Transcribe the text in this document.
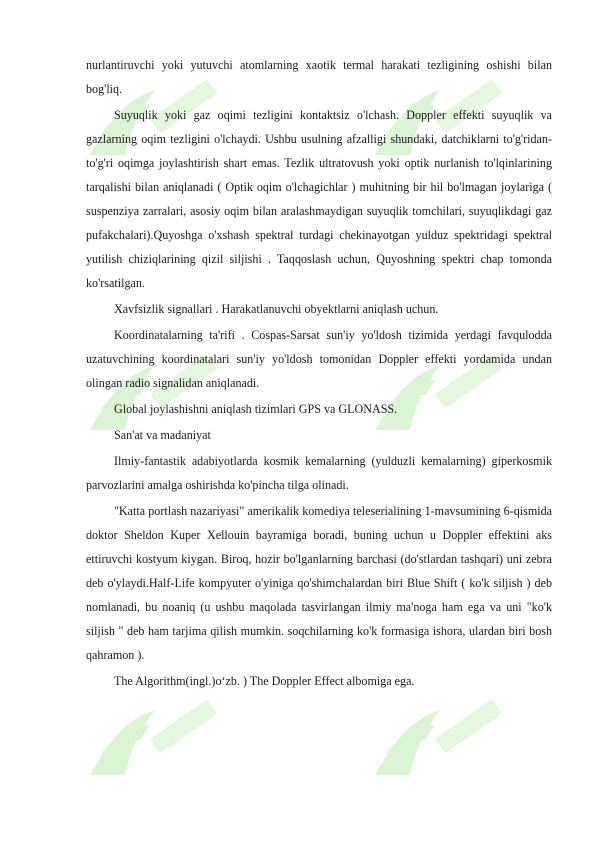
nurlantiruvchi yoki yutuvchi atomlarning xaotik termal harakati tezligining oshishi bilan bog'liq.

Suyuqlik yoki gaz oqimi tezligini kontaktsiz o'lchash. Doppler effekti suyuqlik va gazlarning oqim tezligini o'lchaydi. Ushbu usulning afzalligi shundaki, datchiklarni to'g'ridan-to'g'ri oqimga joylashtirish shart emas. Tezlik ultratovush yoki optik nurlanish to'lqinlarining tarqalishi bilan aniqlanadi ( Optik oqim o'lchagichlar ) muhitning bir hil bo'lmagan joylariga ( suspenziya zarralari, asosiy oqim bilan aralashmaydigan suyuqlik tomchilari, suyuqlikdagi gaz pufakchalari).Quyoshga o'xshash spektral turdagi chekinayotgan yulduz spektridagi spektral yutilish chiziqlarining qizil siljishi . Taqqoslash uchun, Quyoshning spektri chap tomonda ko'rsatilgan.

Xavfsizlik signallari . Harakatlanuvchi obyektlarni aniqlash uchun.

Koordinatalarning ta'rifi . Cospas-Sarsat sun'iy yo'ldosh tizimida yerdagi favqulodda uzatuvchining koordinatalari sun'iy yo'ldosh tomonidan Doppler effekti yordamida undan olingan radio signalidan aniqlanadi.

Global joylashishni aniqlash tizimlari GPS va GLONASS.

San'at va madaniyat

Ilmiy-fantastik adabiyotlarda kosmik kemalarning (yulduzli kemalarning) giperkosmik parvozlarini amalga oshirishda ko'pincha tilga olinadi.

"Katta portlash nazariyasi" amerikalik komediya teleserialining 1-mavsumining 6-qismida doktor Sheldon Kuper Xellouin bayramiga boradi, buning uchun u Doppler effektini aks ettiruvchi kostyum kiygan. Biroq, hozir bo'lganlarning barchasi (do'stlardan tashqari) uni zebra deb o'ylaydi.Half-Life kompyuter o'yiniga qo'shimchalardan biri Blue Shift ( ko'k siljish ) deb nomlanadi, bu noaniq (u ushbu maqolada tasvirlangan ilmiy ma'noga ham ega va uni "ko'k siljish " deb ham tarjima qilish mumkin. soqchilarning ko'k formasiga ishora, ulardan biri bosh qahramon ).

The Algorithm(ingl.)o‘zb. ) The Doppler Effect albomiga ega.
